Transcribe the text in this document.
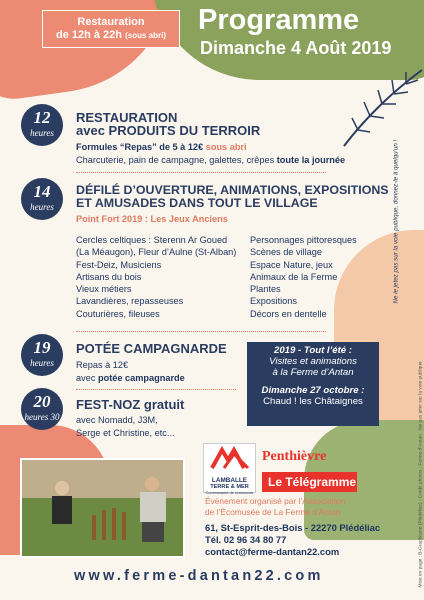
Restauration
de 12h à 22h (sous abri)	Programme
Dimanche 4 Août 2019
12
heures
RESTAURATION
avec PRODUITS DU TERROIR
Formules “Repas” de 5 à 12€ sous abri
Charcuterie, pain de campagne, galettes, crêpes toute la journée
14
heures
DÉFILÉ D’OUVERTURE, ANIMATIONS, EXPOSITIONS
ET AMUSADES DANS TOUT LE VILLAGE
Point Fort 2019 : Les Jeux Anciens
Cercles celtiques : Sterenn Ar Goued
(La Méaugon), Fleur d’Aulne (St-Alban)
Fest-Deiz, Musiciens
Artisans du bois
Vieux métiers
Lavandières, repasseuses
Couturières, fileuses
Personnages pittoresques
Scènes de village
Espace Nature, jeux
Animaux de la Ferme
Plantes
Expositions
Décors en dentelle
19
heures
POTÉE CAMPAGNARDE
Repas à 12€
avec potée campagnarde
20
heures 30
FEST-NOZ gratuit
avec Nomadd, J3M,
Serge et Christine, etc...
2019 - Tout l’été :
Visites et animations
à la Ferme d’Antan
Dimanche 27 octobre :
Chaud ! les Châtaignes
LAMBALLE
TERRE & MER
Communauté de communes
Penthièvre
Le Télégramme
Évènement organisé par l’Association
de l’Écomusée de La Ferme d’Antan
61, St-Esprit-des-Bois - 22270 Plédéliac
Tél. 02 96 34 80 77
contact@ferme-dantan22.com
www.ferme-dantan22.com
Ne le jetez pas sur la voie publique, donnez-le à quelqu’un !
Mise en page : B-Graphisme (Plédéliac) · Crédit photos : Ferme d’Antan · Ne pas jeter sur la voie publique
